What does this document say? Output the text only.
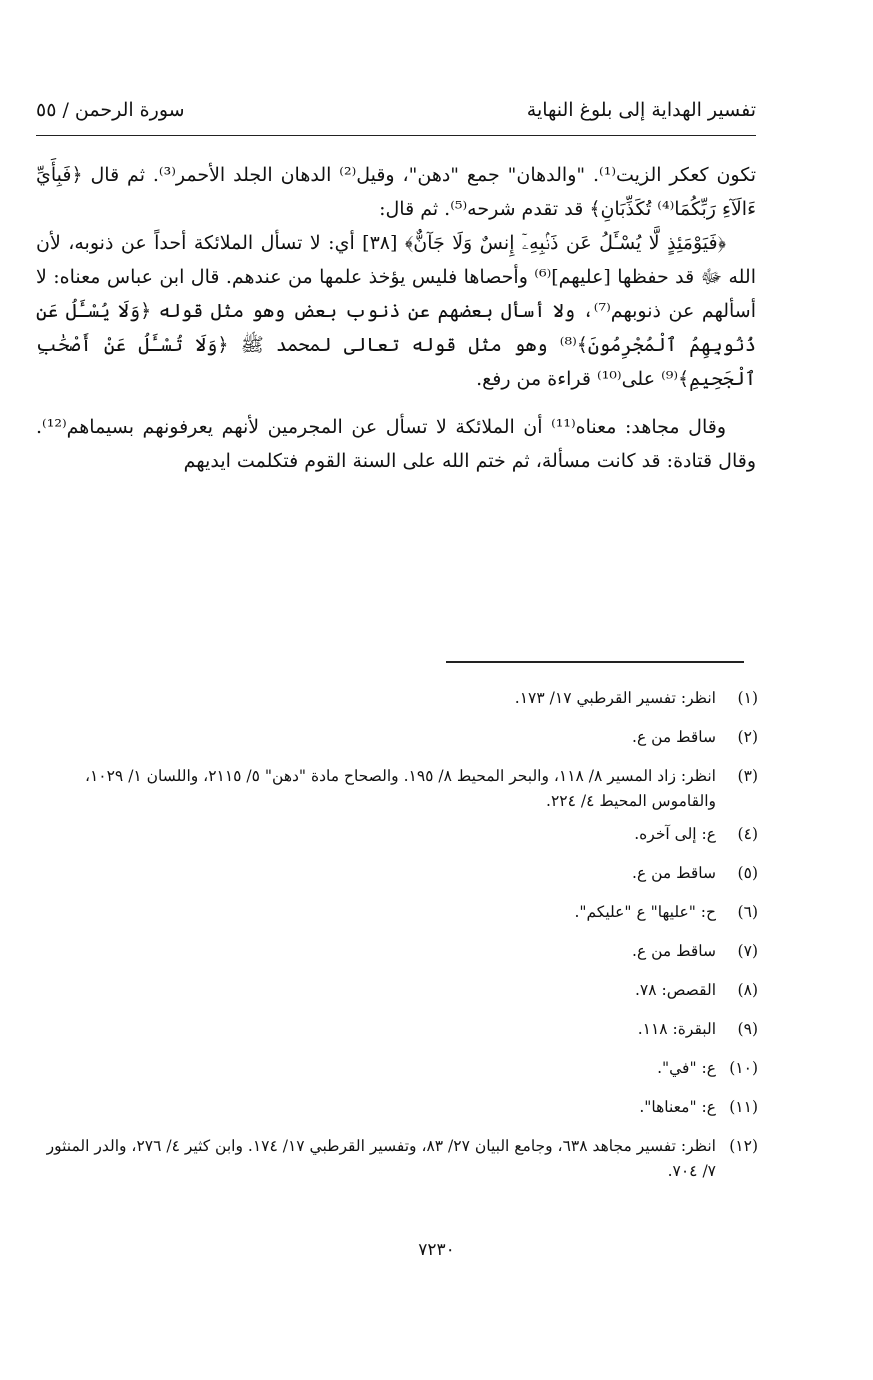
تفسير الهداية إلى بلوغ النهاية
سورة الرحمن / ٥٥

تكون كعكر الزيت⁽¹⁾. "والدهان" جمع "دهن"، وقيل⁽²⁾ الدهان الجلد الأحمر⁽³⁾. ثم قال ﴿فَبِأَيِّ ءَالَآءِ رَبِّكُمَا⁽⁴⁾ تُكَذِّبَانِ﴾ قد تقدم شرحه⁽⁵⁾. ثم قال:

﴿فَيَوْمَئِذٍ لَّا يُسْـَٔلُ عَن ذَنۢبِهِۦٓ إِنسٌ وَلَا جَآنٌّ﴾ [٣٨] أي: لا تسأل الملائكة أحداً عن ذنوبه، لأن الله ﷻ قد حفظها [عليهم]⁽⁶⁾ وأحصاها فليس يؤخذ علمها من عندهم. قال ابن عباس معناه: لا أسألهم عن ذنوبهم⁽⁷⁾، ولا أسأل بعضهم عن ذنوب بعض وهو مثل قوله ﴿وَلَا يُسْـَٔلُ عَن ذُنُوبِهِمُ ٱلْمُجْرِمُونَ﴾⁽⁸⁾ وهو مثل قوله تعالى لمحمد ﷺ ﴿وَلَا تُسْـَٔلُ عَنْ أَصْحَٰبِ ٱلْجَحِيمِ﴾⁽⁹⁾ على⁽¹⁰⁾ قراءة من رفع.

وقال مجاهد: معناه⁽¹¹⁾ أن الملائكة لا تسأل عن المجرمين لأنهم يعرفونهم بسيماهم⁽¹²⁾. وقال قتادة: قد كانت مسألة، ثم ختم الله على السنة القوم فتكلمت ايديهم

(١)
انظر: تفسير القرطبي ١٧/ ١٧٣.
(٢)
ساقط من ع.
(٣)
انظر: زاد المسير ٨/ ١١٨، والبحر المحيط ٨/ ١٩٥. والصحاح مادة "دهن" ٥/ ٢١١٥، واللسان ١/ ١٠٢٩، والقاموس المحيط ٤/ ٢٢٤.
(٤)
ع: إلى آخره.
(٥)
ساقط من ع.
(٦)
ح: "عليها" ع "عليكم".
(٧)
ساقط من ع.
(٨)
القصص: ٧٨.
(٩)
البقرة: ١١٨.
(١٠)
ع: "في".
(١١)
ع: "معناها".
(١٢)
انظر: تفسير مجاهد ٦٣٨، وجامع البيان ٢٧/ ٨٣، وتفسير القرطبي ١٧/ ١٧٤. وابن كثير ٤/ ٢٧٦، والدر المنثور ٧/ ٧٠٤.
٧٢٣٠
